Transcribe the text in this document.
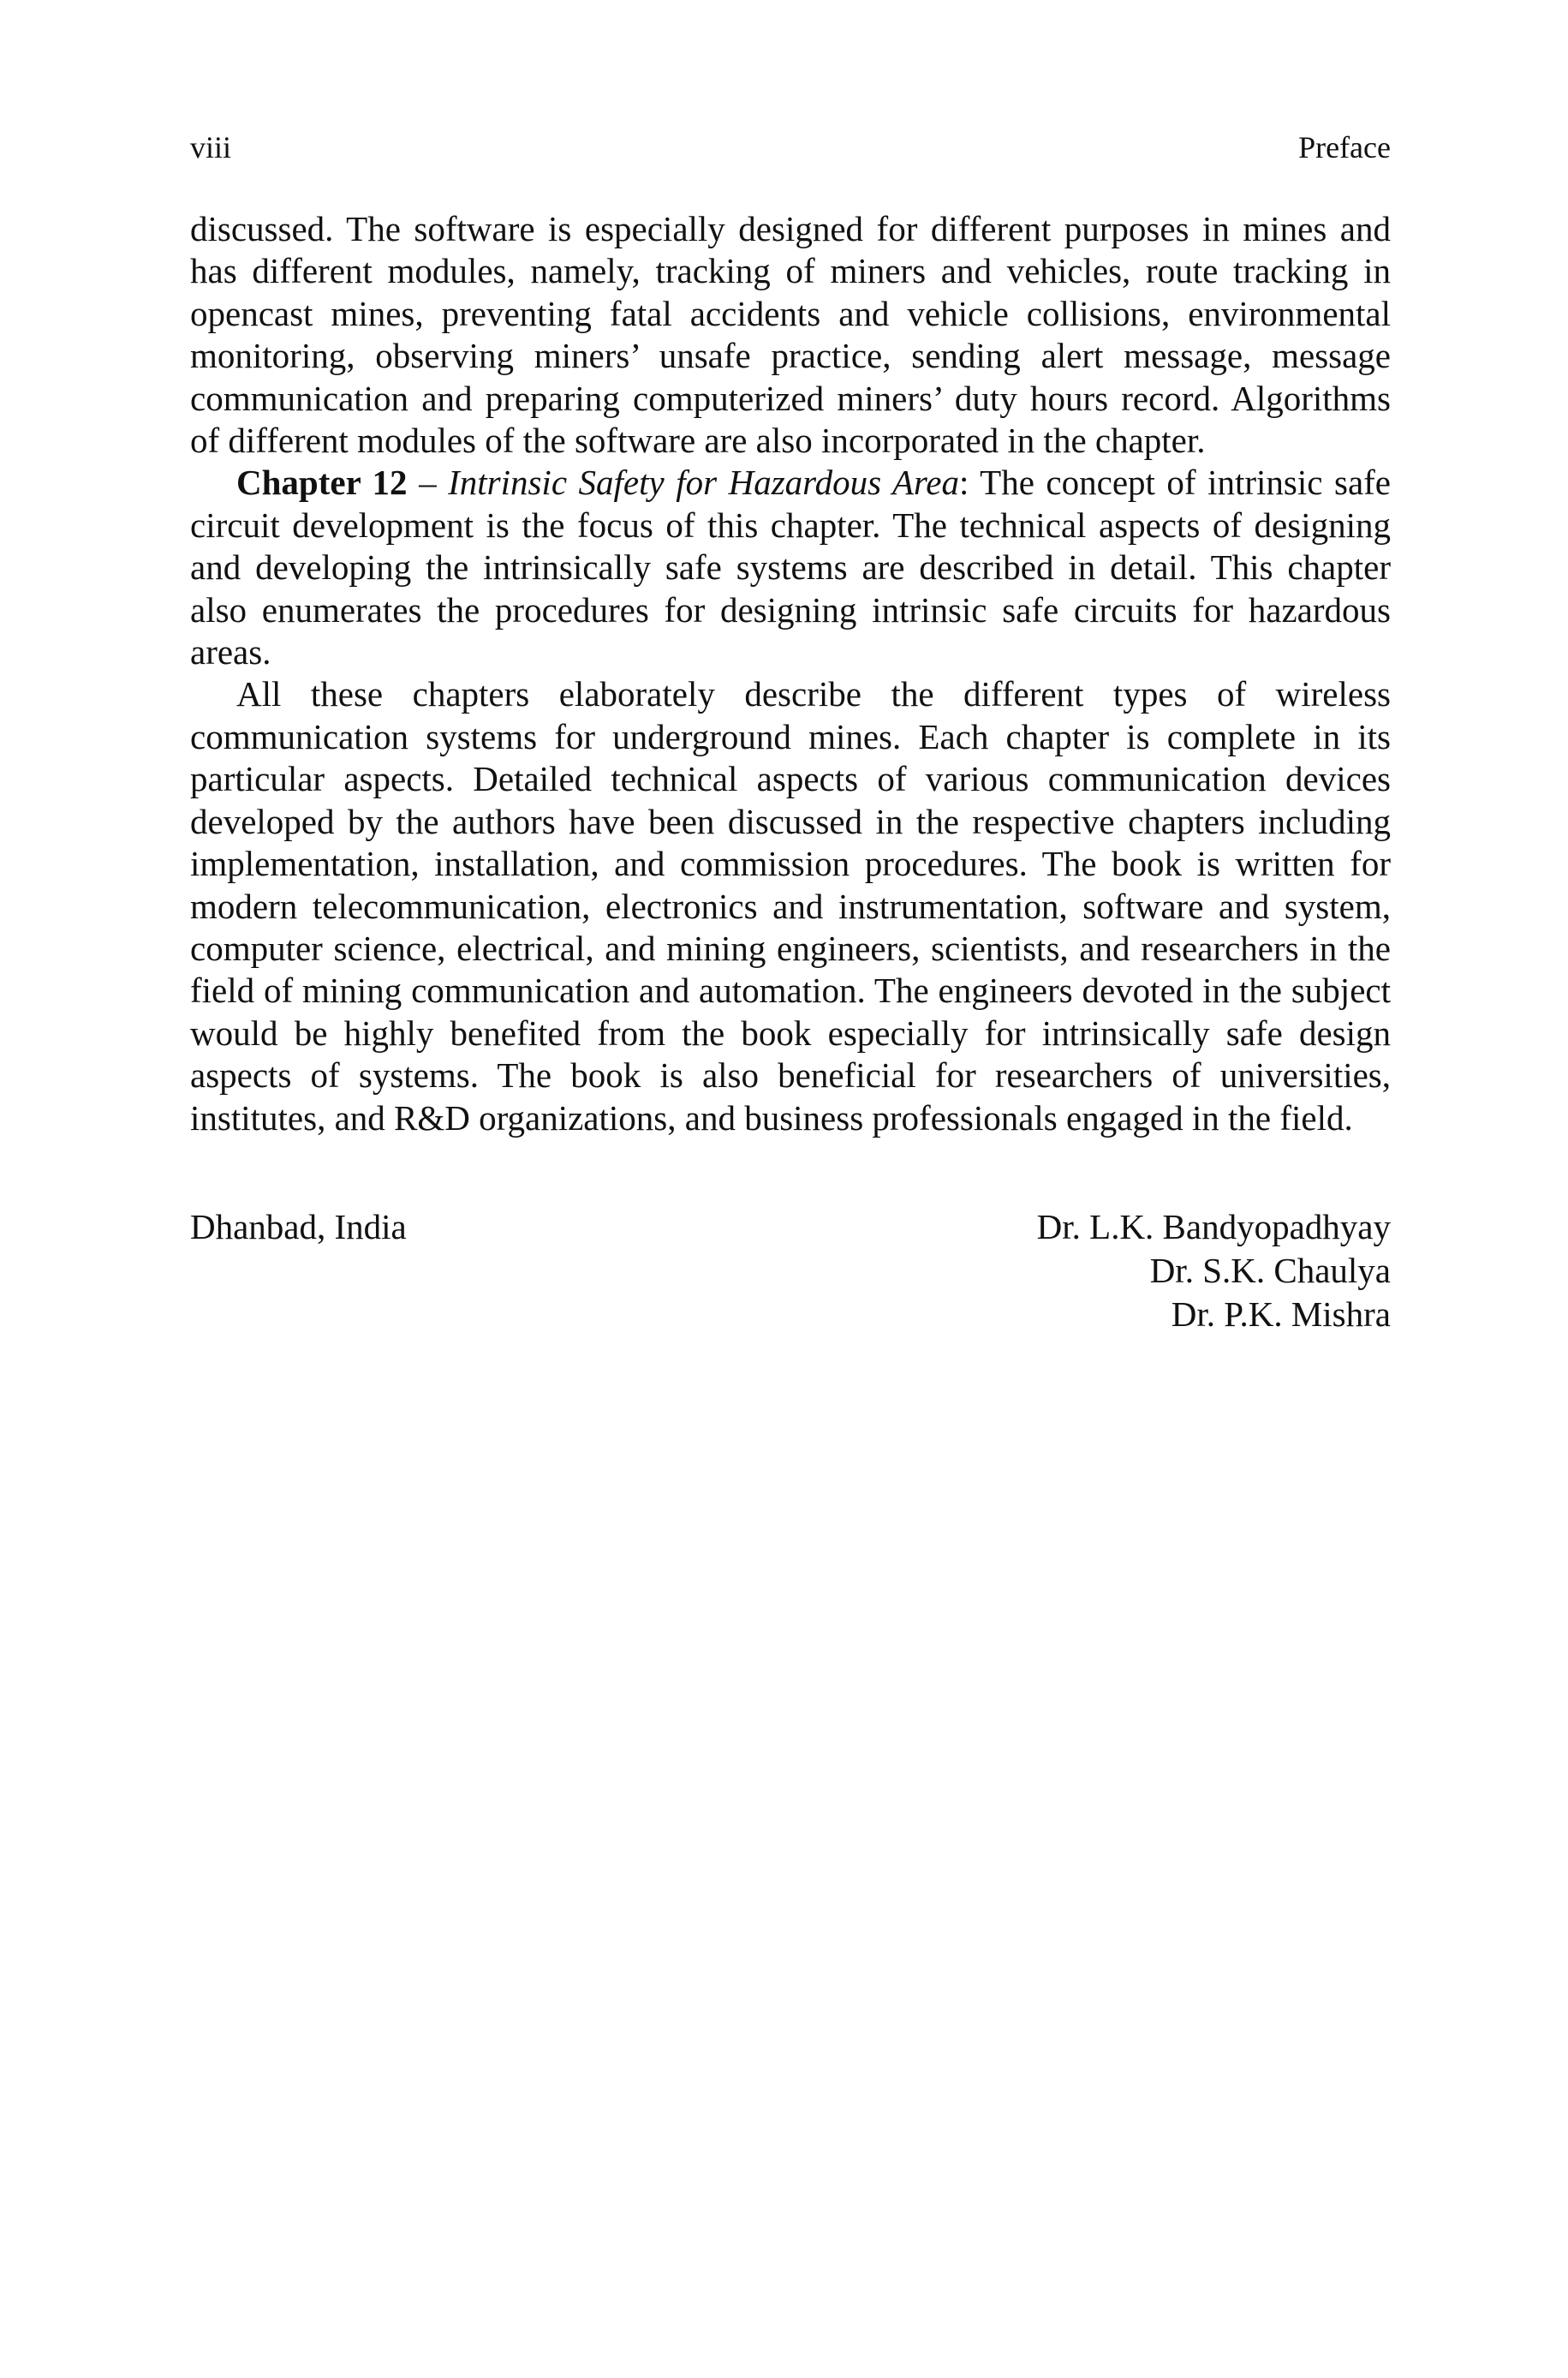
viii	Preface

discussed. The software is especially designed for different purposes in mines and has different modules, namely, tracking of miners and vehicles, route tracking in opencast mines, preventing fatal accidents and vehicle collisions, environmental monitoring, observing miners’ unsafe practice, sending alert message, message communication and preparing computerized miners’ duty hours record. Algorithms of different modules of the software are also incorporated in the chapter.

Chapter 12 – Intrinsic Safety for Hazardous Area: The concept of intrinsic safe circuit development is the focus of this chapter. The technical aspects of designing and developing the intrinsically safe systems are described in detail. This chapter also enumerates the procedures for designing intrinsic safe circuits for hazardous areas.

All these chapters elaborately describe the different types of wireless communication systems for underground mines. Each chapter is complete in its particular aspects. Detailed technical aspects of various communication devices developed by the authors have been discussed in the respective chapters including implementation, installation, and commission procedures. The book is written for modern telecommunication, electronics and instrumentation, software and system, computer science, electrical, and mining engineers, scientists, and researchers in the field of mining communication and automation. The engineers devoted in the subject would be highly benefited from the book especially for intrinsically safe design aspects of systems. The book is also beneficial for researchers of universities, institutes, and R&D organizations, and business professionals engaged in the field.

Dhanbad, India	Dr. L.K. Bandyopadhyay
Dr. S.K. Chaulya
Dr. P.K. Mishra
